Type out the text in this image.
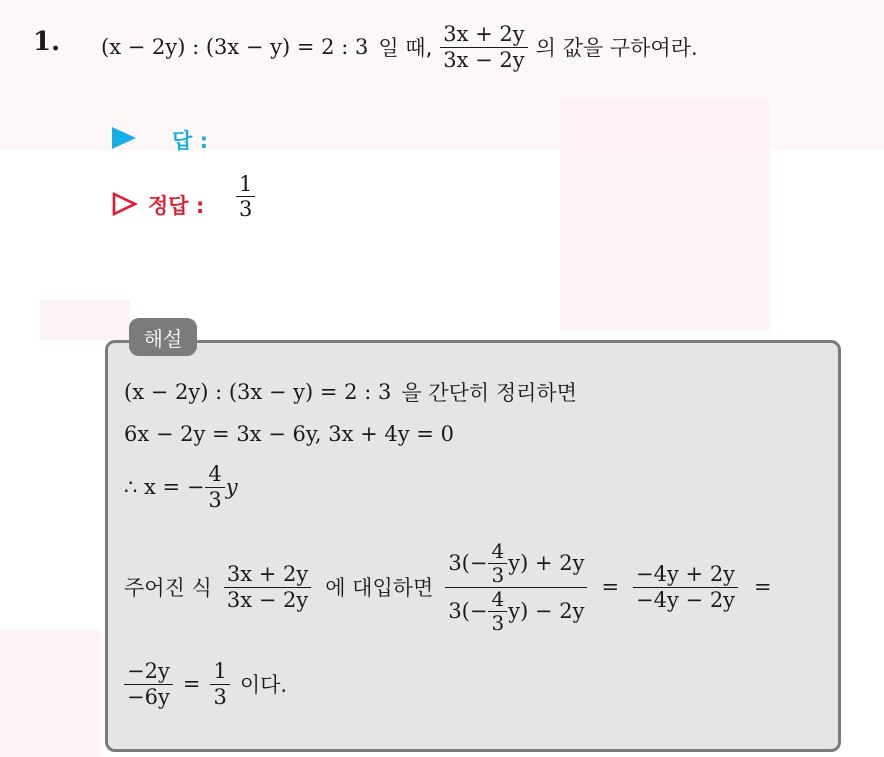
1. (x − 2y) : (3x − y) = 2 : 3 일 때, $\frac{3x + 2y}{3x - 2y}$ 의 값을 구하여라.
답 :
정답 : $\frac{1}{3}$
해설
(x − 2y) : (3x − y) = 2 : 3 을 간단히 정리하면
6x − 2y = 3x − 6y, 3x + 4y = 0
∴ x = − $\frac{4}{3}$ y
주어진 식 $\frac{3x + 2y}{3x - 2y}$ 에 대입하면 $\frac{3(- \frac{4}{3} y) + 2y}{3(- \frac{4}{3} y) - 2y} = \frac{-4y + 2y}{-4y - 2y}$ =
$\frac{-2y}{-6y} = \frac{1}{3}$ 이다.
